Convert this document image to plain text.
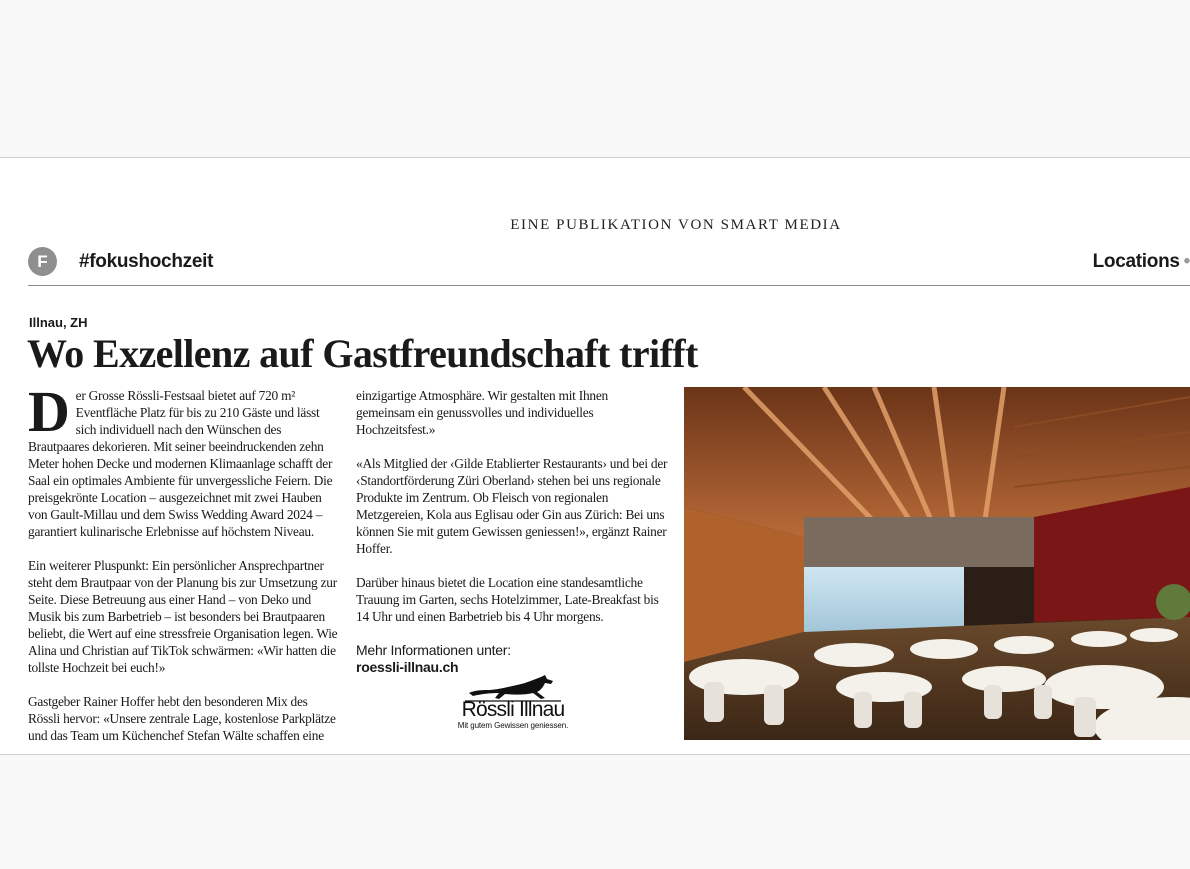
EINE PUBLIKATION VON SMART MEDIA
F	#fokushochzeit	Locations •
Illnau, ZH
Wo Exzellenz auf Gastfreundschaft trifft

Der Grosse Rössli-Festsaal bietet auf 720 m² Eventfläche Platz für bis zu 210 Gäste und lässt sich individuell nach den Wünschen des Brautpaares dekorieren. Mit seiner beeindruckenden zehn Meter hohen Decke und modernen Klimaanlage schafft der Saal ein optimales Ambiente für unvergessliche Feiern. Die preisgekrönte Location – ausgezeichnet mit zwei Hauben von Gault-Millau und dem Swiss Wedding Award 2024 – garantiert kulinarische Erlebnisse auf höchstem Niveau.

Ein weiterer Pluspunkt: Ein persönlicher Ansprechpartner steht dem Brautpaar von der Planung bis zur Umsetzung zur Seite. Diese Betreuung aus einer Hand – von Deko und Musik bis zum Barbetrieb – ist besonders bei Brautpaaren beliebt, die Wert auf eine stressfreie Organisation legen. Wie Alina und Christian auf TikTok schwärmen: «Wir hatten die tollste Hochzeit bei euch!»

Gastgeber Rainer Hoffer hebt den besonderen Mix des Rössli hervor: «Unsere zentrale Lage, kostenlose Parkplätze und das Team um Küchenchef Stefan Wälte schaffen eine

einzigartige Atmosphäre. Wir gestalten mit Ihnen gemeinsam ein genussvolles und individuelles Hochzeitsfest.»

«Als Mitglied der ‹Gilde Etablierter Restaurants› und bei der ‹Standortförderung Züri Oberland› stehen bei uns regionale Produkte im Zentrum. Ob Fleisch von regionalen Metzgereien, Kola aus Eglisau oder Gin aus Zürich: Bei uns können Sie mit gutem Gewissen geniessen!», ergänzt Rainer Hoffer.

Darüber hinaus bietet die Location eine standesamtliche Trauung im Garten, sechs Hotelzimmer, Late-Breakfast bis 14 Uhr und einen Barbetrieb bis 4 Uhr morgens.

Mehr Informationen unter:
roessli-illnau.ch
Rössli Illnau
Mit gutem Gewissen geniessen.
